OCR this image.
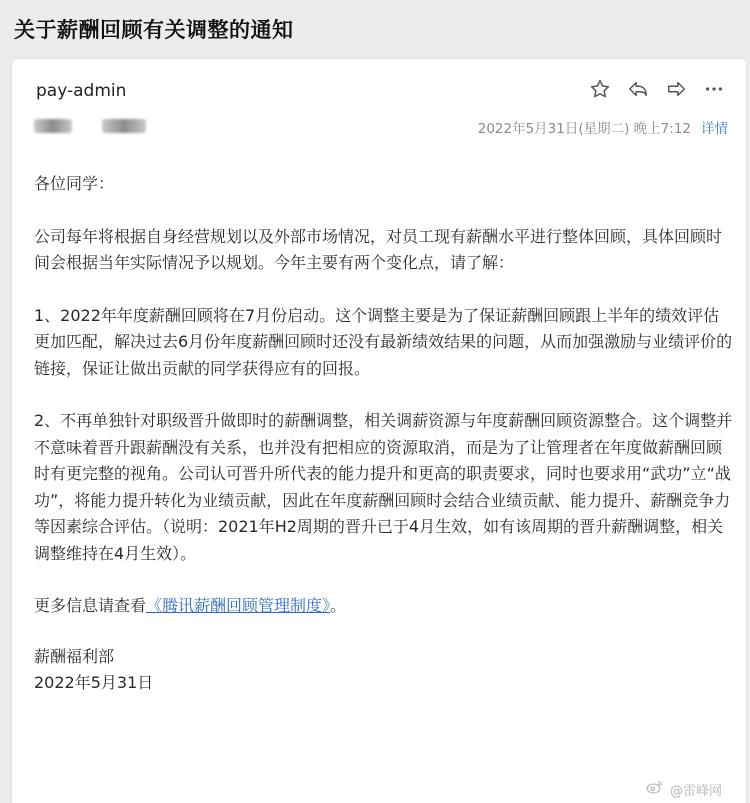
关于薪酬回顾有关调整的通知
pay-admin
2022年5月31日(星期二) 晚上7:12 详情

各位同学：

公司每年将根据自身经营规划以及外部市场情况，对员工现有薪酬水平进行整体回顾，具体回顾时间会根据当年实际情况予以规划。今年主要有两个变化点，请了解：

1、2022年年度薪酬回顾将在7月份启动。这个调整主要是为了保证薪酬回顾跟上半年的绩效评估更加匹配，解决过去6月份年度薪酬回顾时还没有最新绩效结果的问题，从而加强激励与业绩评价的链接，保证让做出贡献的同学获得应有的回报。

2、不再单独针对职级晋升做即时的薪酬调整，相关调薪资源与年度薪酬回顾资源整合。这个调整并不意味着晋升跟薪酬没有关系，也并没有把相应的资源取消，而是为了让管理者在年度做薪酬回顾时有更完整的视角。公司认可晋升所代表的能力提升和更高的职责要求，同时也要求用“武功”立“战功”，将能力提升转化为业绩贡献，因此在年度薪酬回顾时会结合业绩贡献、能力提升、薪酬竞争力等因素综合评估。（说明：2021年H2周期的晋升已于4月生效，如有该周期的晋升薪酬调整，相关调整维持在4月生效）。

更多信息请查看《腾讯薪酬回顾管理制度》。

薪酬福利部

2022年5月31日

@雷峰网
